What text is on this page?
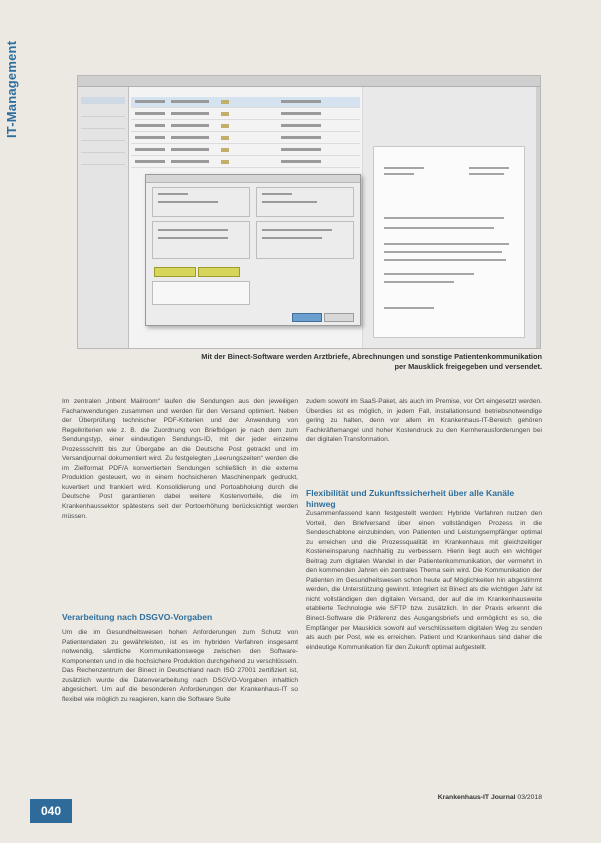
IT-Management
Mit der Binect-Software werden Arztbriefe, Abrechnungen und sonstige Patientenkommunikation per Mausklick freigegeben und versendet.

Im zentralen „Inbent Mailroom“ laufen die Sendungen aus den jeweiligen Fachanwendungen zusammen und werden für den Versand optimiert. Neben der Überprüfung technischer PDF-Kriterien und der Anwendung von Regelkriterien wie z. B. die Zuordnung von Briefbögen je nach dem zum Sendungstyp, einer eindeutigen Sendungs-ID, mit der jeder einzelne Prozessschritt bis zur Übergabe an die Deutsche Post getrackt und im Versandjournal dokumentiert wird. Zu festgelegten „Leerungszeiten“ werden die im Zielformat PDF/A konvertierten Sendungen schließlich in die externe Produktion gesteuert, wo in einem hochsicheren Maschinenpark gedruckt, kuvertiert und frankiert wird. Konsolidierung und Portoabholung durch die Deutsche Post garantieren dabei weitere Kostenvorteile, die im Krankenhaussektor spätestens seit der Portoerhöhung berücksichtigt werden müssen.

Verarbeitung nach DSGVO-Vorgaben

Um die im Gesundheitswesen hohen Anforderungen zum Schutz von Patientendaten zu gewährleisten, ist es im hybriden Verfahren insgesamt notwendig, sämtliche Kommunikationswege zwischen den Software-Komponenten und in die hochsichere Produktion durchgehend zu verschlüsseln. Das Rechenzentrum der Binect in Deutschland nach ISO 27001 zertifiziert ist, zusätzlich wurde die Datenverarbeitung nach DSGVO-Vorgaben inhaltlich abgesichert. Um auf die besonderen Anforderungen der Krankenhaus-IT so flexibel wie möglich zu reagieren, kann die Software Suite

zudem sowohl im SaaS-Paket, als auch im Premise, vor Ort eingesetzt werden. Überdies ist es möglich, in jedem Fall, installationsund betriebsnotwendige gering zu halten, denn vor allem im Krankenhaus-IT-Bereich gehören Fachkräftemangel und hoher Kostendruck zu den Kernherausforderungen bei der digitalen Transformation.

Flexibilität und Zukunftssicherheit über alle Kanäle hinweg

Zusammenfassend kann festgestellt werden: Hybride Verfahren nutzen den Vorteil, den Briefversand über einen vollständigen Prozess in die Sendeschablone einzubinden, von Patienten und Leistungsempfänger optimal zu erreichen und die Prozessqualität im Krankenhaus mit gleichzeitiger Kosteneinsparung nachhaltig zu verbessern. Hierin liegt auch ein wichtiger Beitrag zum digitalen Wandel in der Patientenkommunikation, der vermehrt in den kommenden Jahren ein zentrales Thema sein wird. Die Kommunikation der Patienten im Gesundheitswesen schon heute auf Möglichkeiten hin abgestimmt werden, die Unterstützung gewinnt. Integriert ist Binect als die wichtigen Jahr ist nicht vollständigen den digitalen Versand, der auf die im Krankenhausweite etablierte Technologie wie SFTP bzw. zusätzlich. In der Praxis erkennt die Binect-Software die Präferenz des Ausgangsbriefs und ermöglicht es so, die Empfänger per Mausklick sowohl auf verschlüsseltem digitalen Weg zu senden als auch per Post, wie es erreichen. Patient und Krankenhaus sind daher die eindeutige Kommunikation für den Zukunft optimal aufgestellt.

040
Krankenhaus-IT Journal 03/2018
